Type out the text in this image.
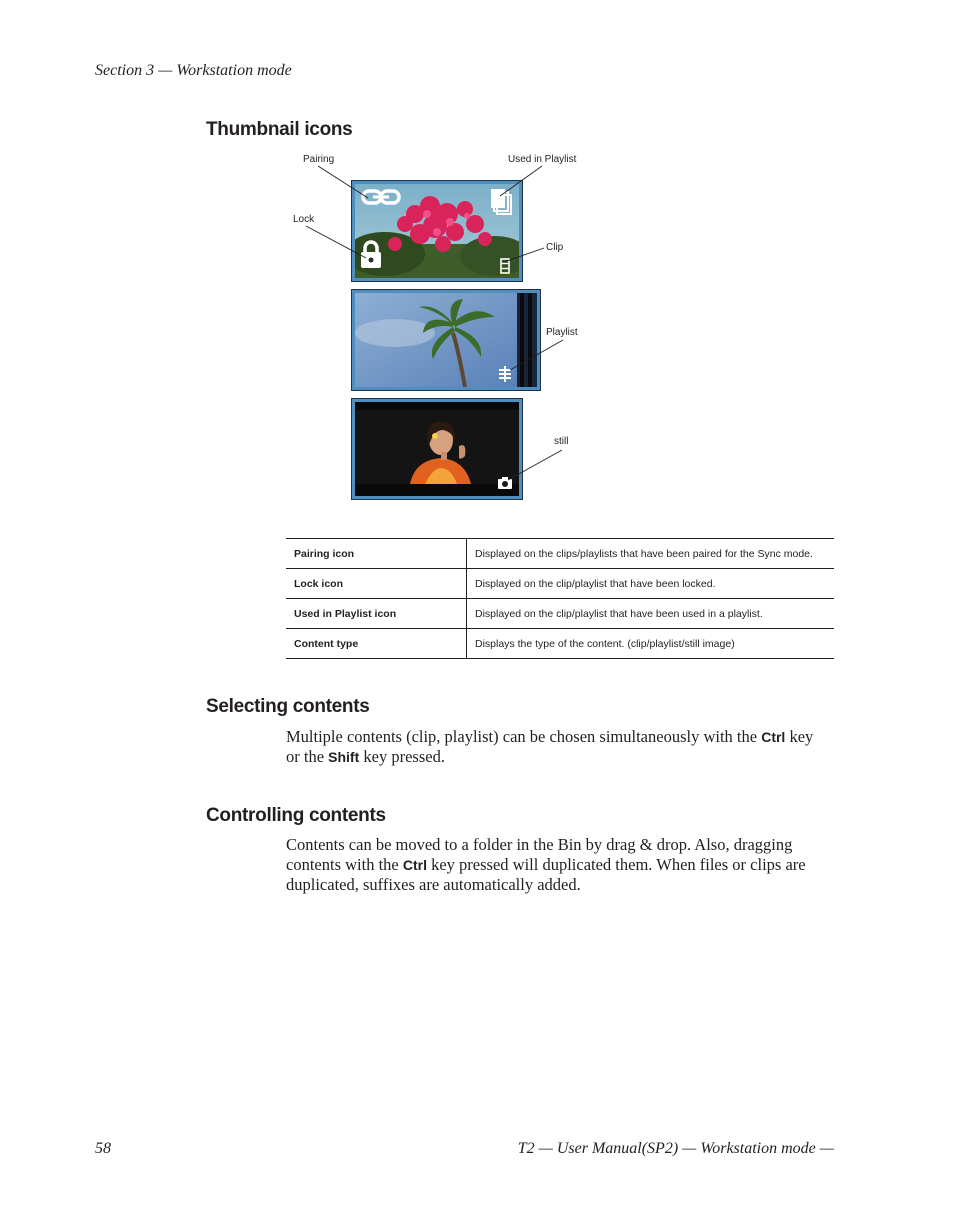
Section 3 — Workstation mode
Thumbnail icons
Pairing	Used in Playlist
Lock
Clip
Playlist
still
Pairing icon	Displayed on the clips/playlists that have been paired for the Sync mode.
Lock icon	Displayed on the clip/playlist that have been locked.
Used in Playlist icon	Displayed on the clip/playlist that have been used in a playlist.
Content type	Displays the type of the content. (clip/playlist/still image)
Selecting contents
Multiple contents (clip, playlist) can be chosen simultaneously with the Ctrl key or the Shift key pressed.
Controlling contents
Contents can be moved to a folder in the Bin by drag & drop. Also, dragging contents with the Ctrl key pressed will duplicated them. When files or clips are duplicated, suffixes are automatically added.
58	T2 — User Manual(SP2) — Workstation mode —
